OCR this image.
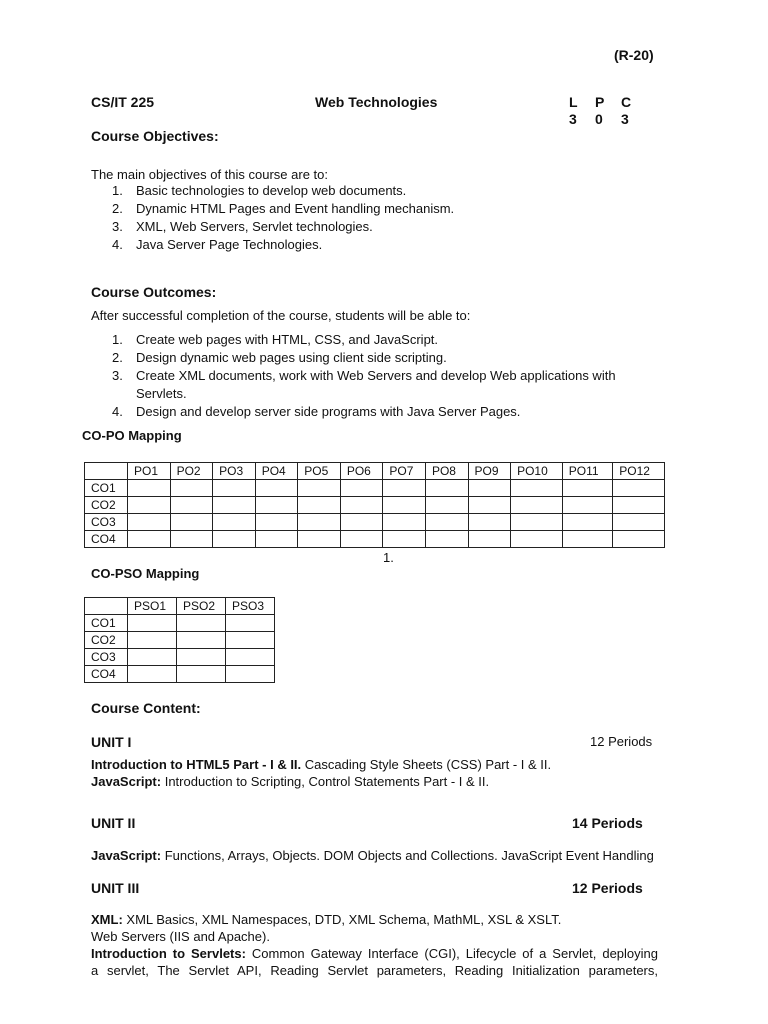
(R-20)
CS/IT 225	Web Technologies	L P C
3 0 3
Course Objectives:
The main objectives of this course are to:
1. Basic technologies to develop web documents.
2. Dynamic HTML Pages and Event handling mechanism.
3. XML, Web Servers, Servlet technologies.
4. Java Server Page Technologies.
Course Outcomes:
After successful completion of the course, students will be able to:
1. Create web pages with HTML, CSS, and JavaScript.
2. Design dynamic web pages using client side scripting.
3. Create XML documents, work with Web Servers and develop Web applications with
Servlets.
4. Design and develop server side programs with Java Server Pages.
CO-PO Mapping
	PO1	PO2	PO3	PO4	PO5	PO6	PO7	PO8	PO9	PO10	PO11	PO12
CO1												
CO2												
CO3												
CO4												
1.
CO-PSO Mapping
	PSO1	PSO2	PSO3
CO1			
CO2			
CO3			
CO4			
Course Content:
UNIT I	12 Periods
Introduction to HTML5 Part - I & II. Cascading Style Sheets (CSS) Part - I & II.
JavaScript: Introduction to Scripting, Control Statements Part - I & II.
UNIT II	14 Periods
JavaScript: Functions, Arrays, Objects. DOM Objects and Collections. JavaScript Event Handling
UNIT III	12 Periods
XML: XML Basics, XML Namespaces, DTD, XML Schema, MathML, XSL & XSLT.
Web Servers (IIS and Apache).
Introduction to Servlets: Common Gateway Interface (CGI), Lifecycle of a Servlet, deploying
a servlet, The Servlet API, Reading Servlet parameters, Reading Initialization parameters,
